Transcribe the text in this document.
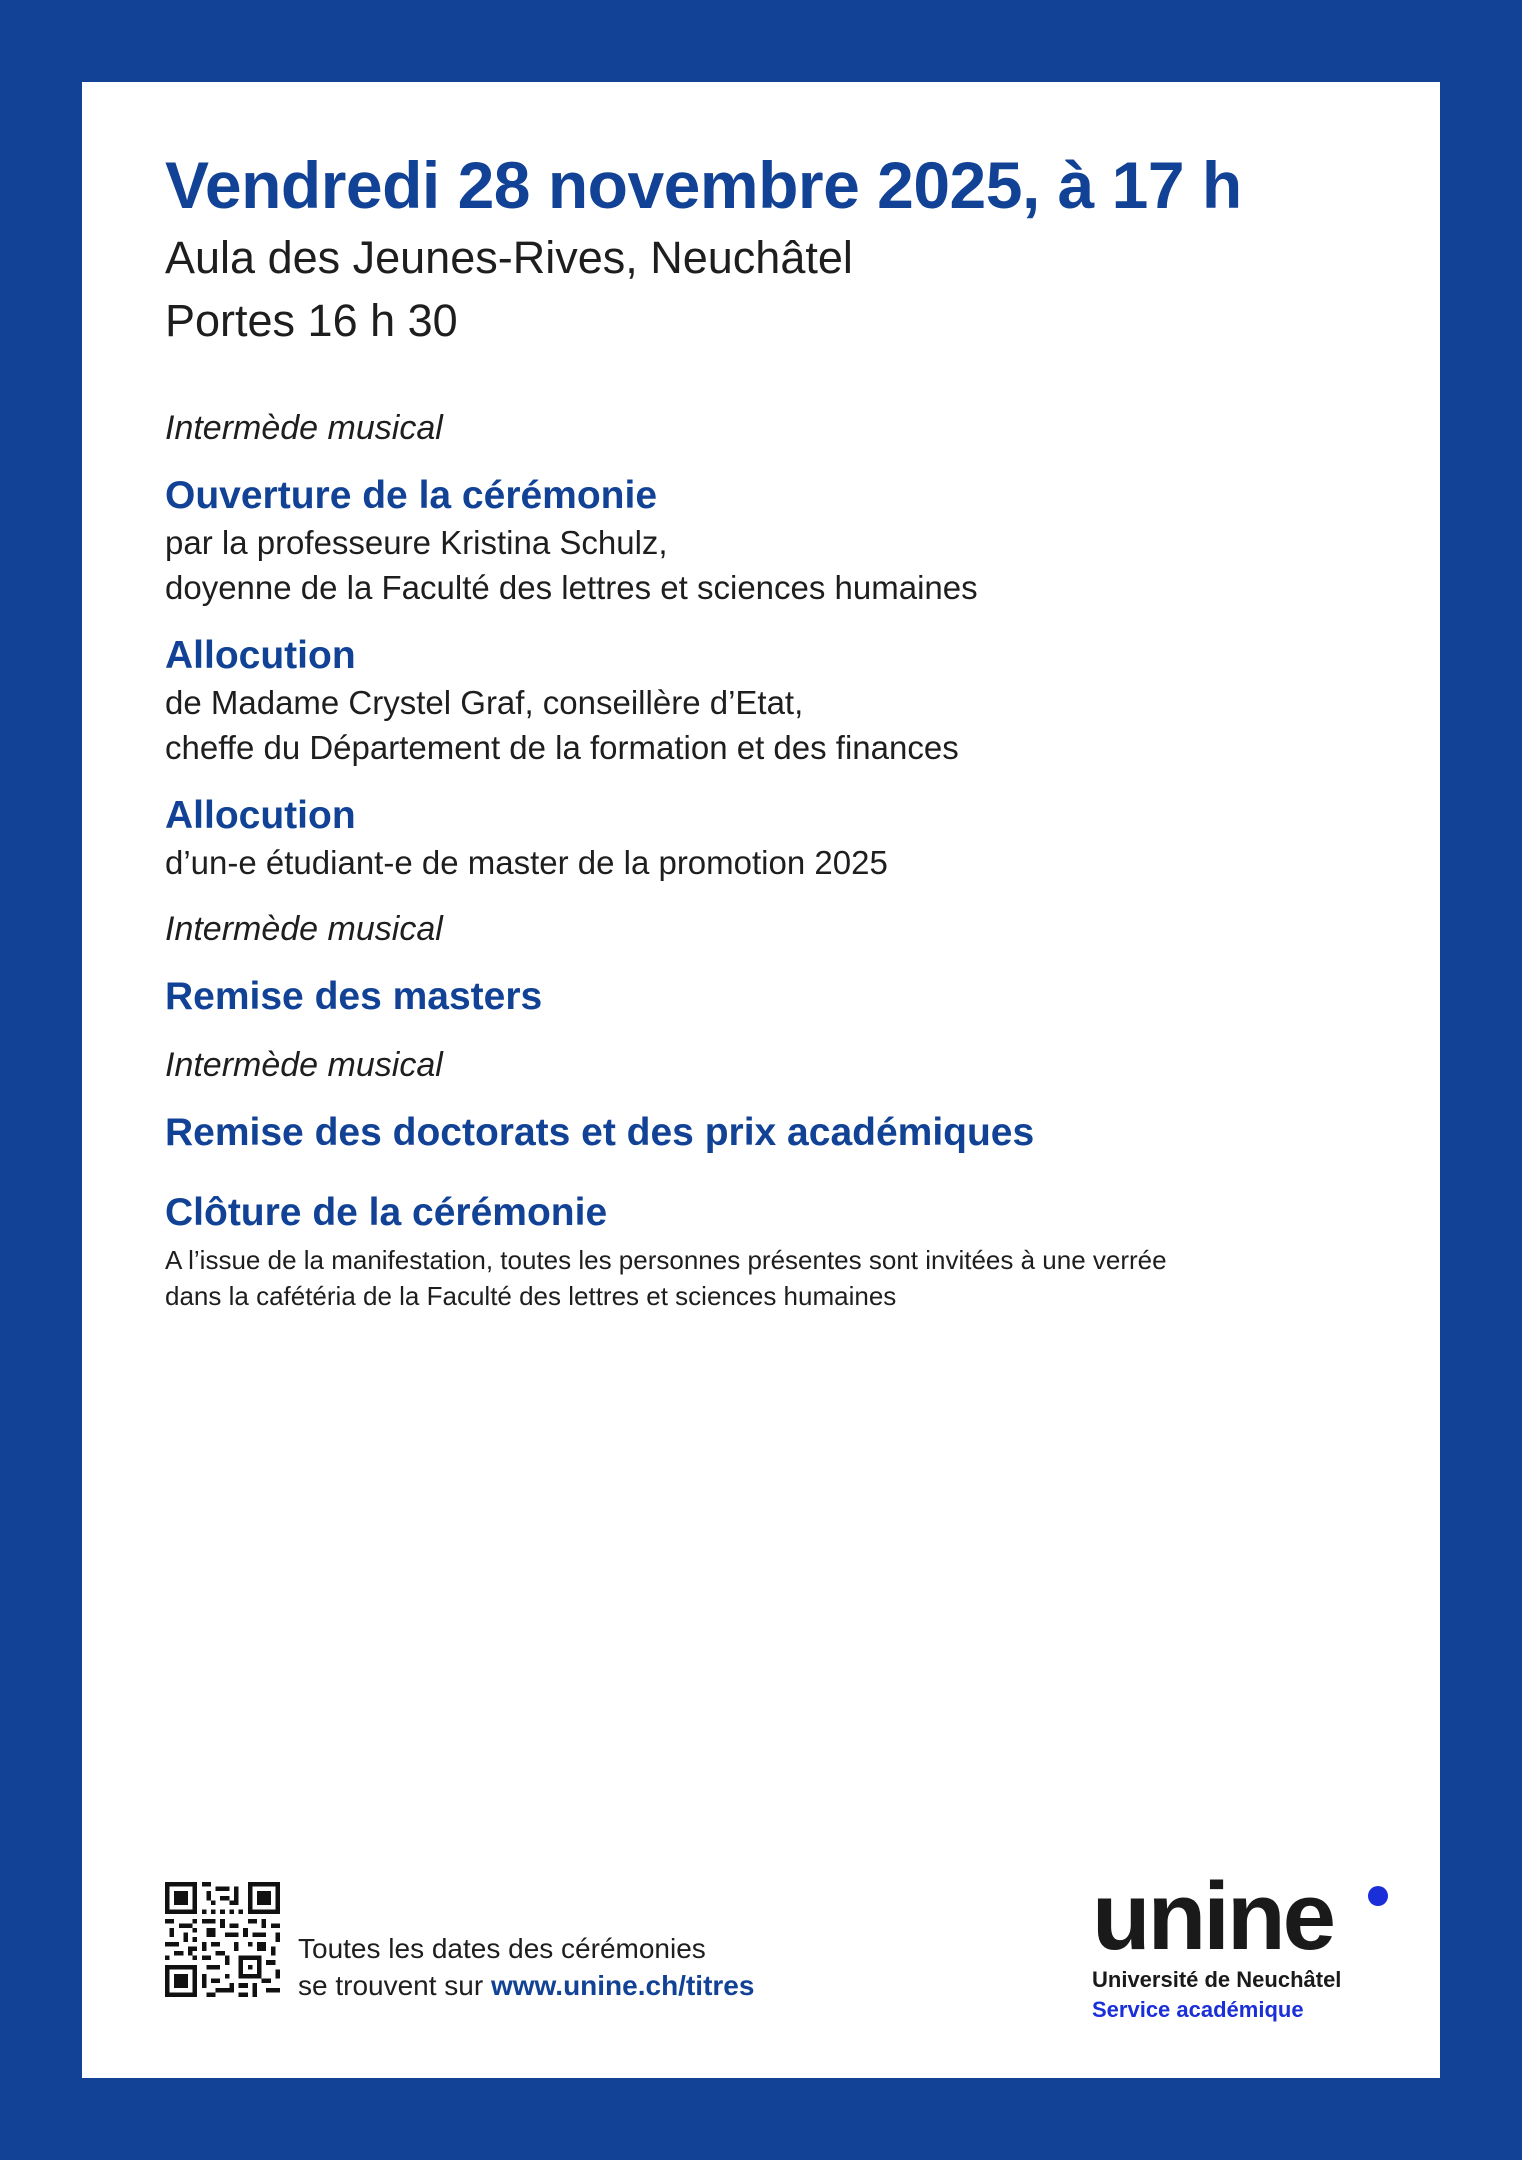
Vendredi 28 novembre 2025, à 17 h

Aula des Jeunes-Rives, Neuchâtel

Portes 16 h 30

Intermède musical

Ouverture de la cérémonie

par la professeure Kristina Schulz,

doyenne de la Faculté des lettres et sciences humaines

Allocution

de Madame Crystel Graf, conseillère d’Etat,

cheffe du Département de la formation et des finances

Allocution

d’un-e étudiant-e de master de la promotion 2025

Intermède musical

Remise des masters

Intermède musical

Remise des doctorats et des prix académiques

Clôture de la cérémonie

A l’issue de la manifestation, toutes les personnes présentes sont invitées à une verrée
dans la cafétéria de la Faculté des lettres et sciences humaines

Toutes les dates des cérémonies
se trouvent sur www.unine.ch/titres
unine
Université de Neuchâtel
Service académique
